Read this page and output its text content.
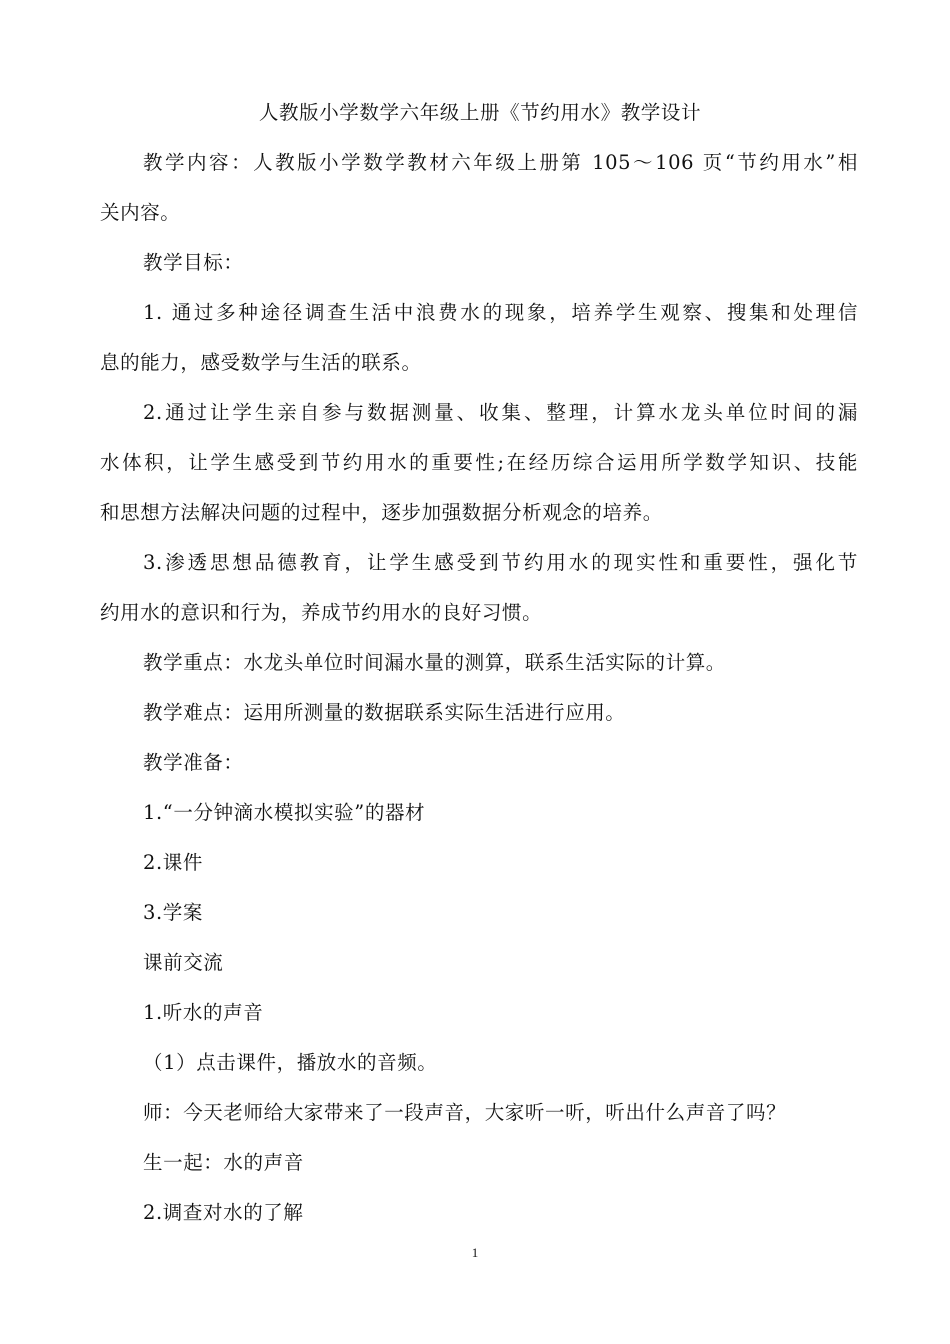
人教版小学数学六年级上册《节约用水》教学设计
教学内容：人教版小学数学教材六年级上册第 105～106 页“节约用水”相
关内容。
教学目标：
1. 通过多种途径调查生活中浪费水的现象，培养学生观察、搜集和处理信
息的能力，感受数学与生活的联系。
2.通过让学生亲自参与数据测量、收集、整理，计算水龙头单位时间的漏
水体积，让学生感受到节约用水的重要性;在经历综合运用所学数学知识、技能
和思想方法解决问题的过程中，逐步加强数据分析观念的培养。
3.渗透思想品德教育，让学生感受到节约用水的现实性和重要性，强化节
约用水的意识和行为，养成节约用水的良好习惯。
教学重点：水龙头单位时间漏水量的测算，联系生活实际的计算。
教学难点：运用所测量的数据联系实际生活进行应用。
教学准备：
1.“一分钟滴水模拟实验”的器材
2.课件
3.学案
课前交流
1.听水的声音
（1）点击课件，播放水的音频。
师：今天老师给大家带来了一段声音，大家听一听，听出什么声音了吗？
生一起：水的声音
2.调查对水的了解
1
